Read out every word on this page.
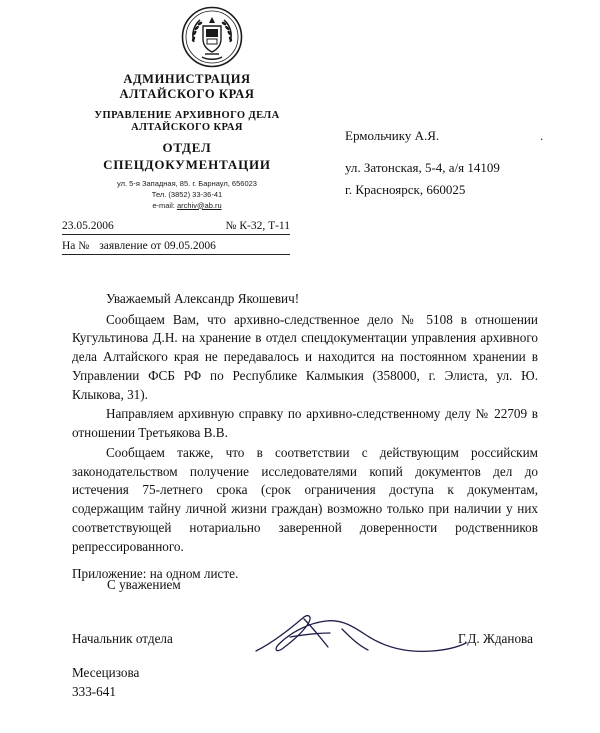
АДМИНИСТРАЦИЯ
АЛТАЙСКОГО КРАЯ
УПРАВЛЕНИЕ АРХИВНОГО ДЕЛА
АЛТАЙСКОГО КРАЯ
ОТДЕЛ
СПЕЦДОКУМЕНТАЦИИ
ул. 5-я Западная, 85. г. Барнаул, 656023
Тел. (3852) 33-36-41
e-mail: archiv@ab.ru
Ермольчику А.Я.
ул. Затонская, 5-4, а/я 14109
г. Красноярск, 660025
.
23.05.2006	№ К-32, Т-11
На № заявление от 09.05.2006

Уважаемый Александр Якошевич!

Сообщаем Вам, что архивно-следственное дело № 5108 в отношении Кугультинова Д.Н. на хранение в отдел спецдокументации управления архивного дела Алтайского края не передавалось и находится на постоянном хранении в Управлении ФСБ РФ по Республике Калмыкия (358000, г. Элиста, ул. Ю. Клыкова, 31).

Направляем архивную справку по архивно-следственному делу № 22709 в отношении Третьякова В.В.

Сообщаем также, что в соответствии с действующим российским законодательством получение исследователями копий документов дел до истечения 75-летнего срока (срок ограничения доступа к документам, содержащим тайну личной жизни граждан) возможно только при наличии у них соответствующей нотариально заверенной доверенности родственников репрессированного.

Приложение: на одном листе.

С уважением
Начальник отдела	Г.Д. Жданова
Месецизова
333-641
